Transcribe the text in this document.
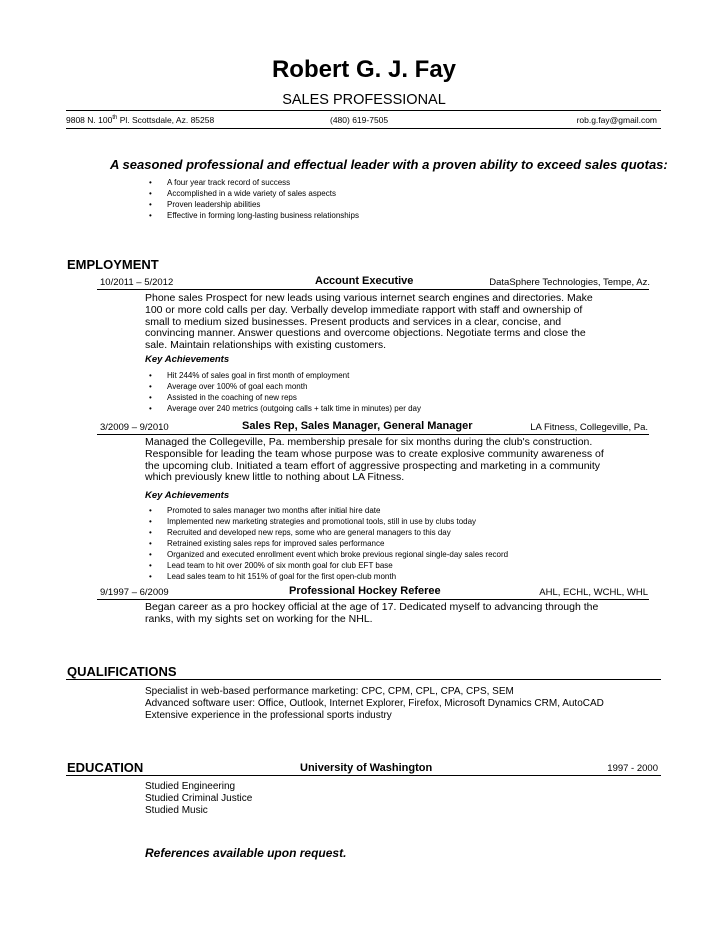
Robert G. J. Fay
SALES PROFESSIONAL
9808 N. 100th Pl. Scottsdale, Az. 85258	(480) 619-7505	rob.g.fay@gmail.com
A seasoned professional and effectual leader with a proven ability to exceed sales quotas:
• A four year track record of success
• Accomplished in a wide variety of sales aspects
• Proven leadership abilities
• Effective in forming long-lasting business relationships
EMPLOYMENT
10/2011 – 5/2012	Account Executive	DataSphere Technologies, Tempe, Az.
Phone sales Prospect for new leads using various internet search engines and directories. Make 100 or more cold calls per day. Verbally develop immediate rapport with staff and ownership of small to medium sized businesses. Present products and services in a clear, concise, and convincing manner. Answer questions and overcome objections. Negotiate terms and close the sale. Maintain relationships with existing customers.
Key Achievements
• Hit 244% of sales goal in first month of employment
• Average over 100% of goal each month
• Assisted in the coaching of new reps
• Average over 240 metrics (outgoing calls + talk time in minutes) per day
3/2009 – 9/2010	Sales Rep, Sales Manager, General Manager	LA Fitness, Collegeville, Pa.
Managed the Collegeville, Pa. membership presale for six months during the club's construction. Responsible for leading the team whose purpose was to create explosive community awareness of the upcoming club. Initiated a team effort of aggressive prospecting and marketing in a community which previously knew little to nothing about LA Fitness.
Key Achievements
• Promoted to sales manager two months after initial hire date
• Implemented new marketing strategies and promotional tools, still in use by clubs today
• Recruited and developed new reps, some who are general managers to this day
• Retrained existing sales reps for improved sales performance
• Organized and executed enrollment event which broke previous regional single-day sales record
• Lead team to hit over 200% of six month goal for club EFT base
• Lead sales team to hit 151% of goal for the first open-club month
9/1997 – 6/2009	Professional Hockey Referee	AHL, ECHL, WCHL, WHL
Began career as a pro hockey official at the age of 17. Dedicated myself to advancing through the ranks, with my sights set on working for the NHL.
QUALIFICATIONS
Specialist in web-based performance marketing: CPC, CPM, CPL, CPA, CPS, SEM
Advanced software user: Office, Outlook, Internet Explorer, Firefox, Microsoft Dynamics CRM, AutoCAD
Extensive experience in the professional sports industry
EDUCATION	University of Washington	1997 - 2000
Studied Engineering
Studied Criminal Justice
Studied Music
References available upon request.
